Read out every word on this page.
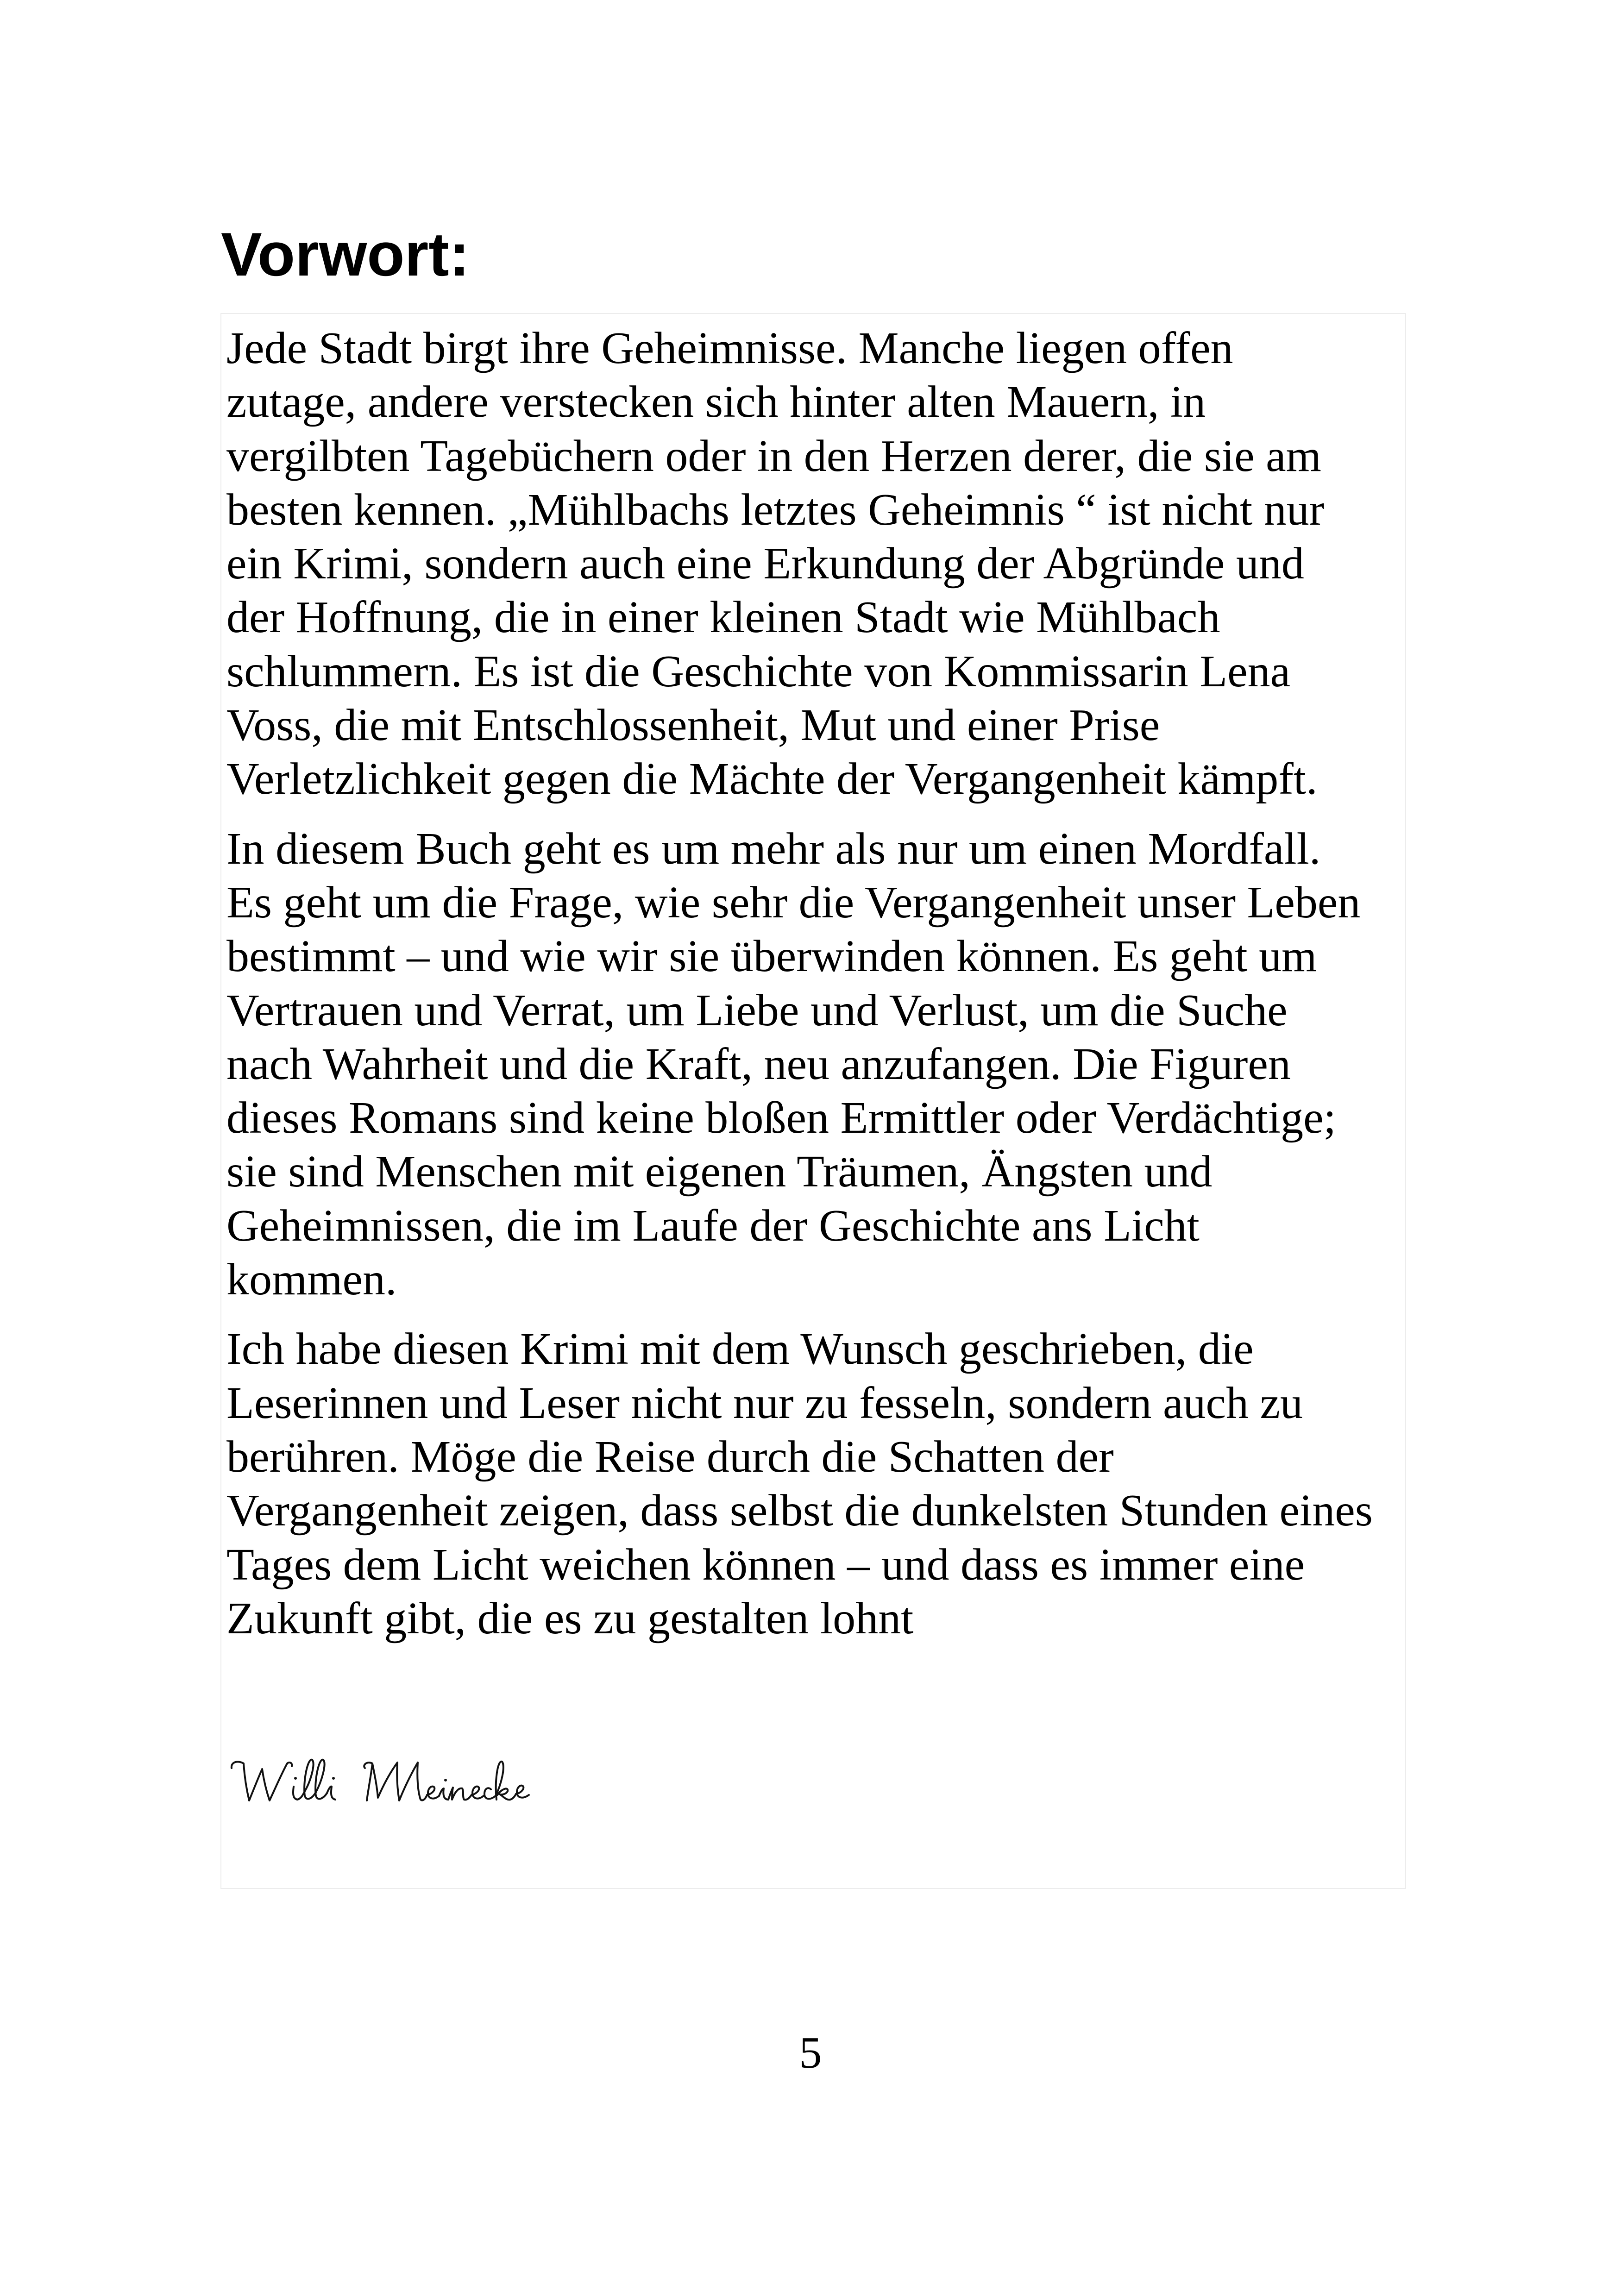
Vorwort:

Jede Stadt birgt ihre Geheimnisse. Manche liegen offen
zutage, andere verstecken sich hinter alten Mauern, in
vergilbten Tagebüchern oder in den Herzen derer, die sie am
besten kennen. „Mühlbachs letztes Geheimnis “ ist nicht nur
ein Krimi, sondern auch eine Erkundung der Abgründe und
der Hoffnung, die in einer kleinen Stadt wie Mühlbach
schlummern. Es ist die Geschichte von Kommissarin Lena
Voss, die mit Entschlossenheit, Mut und einer Prise
Verletzlichkeit gegen die Mächte der Vergangenheit kämpft.

In diesem Buch geht es um mehr als nur um einen Mordfall.
Es geht um die Frage, wie sehr die Vergangenheit unser Leben
bestimmt – und wie wir sie überwinden können. Es geht um
Vertrauen und Verrat, um Liebe und Verlust, um die Suche
nach Wahrheit und die Kraft, neu anzufangen. Die Figuren
dieses Romans sind keine bloßen Ermittler oder Verdächtige;
sie sind Menschen mit eigenen Träumen, Ängsten und
Geheimnissen, die im Laufe der Geschichte ans Licht
kommen.

Ich habe diesen Krimi mit dem Wunsch geschrieben, die
Leserinnen und Leser nicht nur zu fesseln, sondern auch zu
berühren. Möge die Reise durch die Schatten der
Vergangenheit zeigen, dass selbst die dunkelsten Stunden eines
Tages dem Licht weichen können – und dass es immer eine
Zukunft gibt, die es zu gestalten lohnt

5
